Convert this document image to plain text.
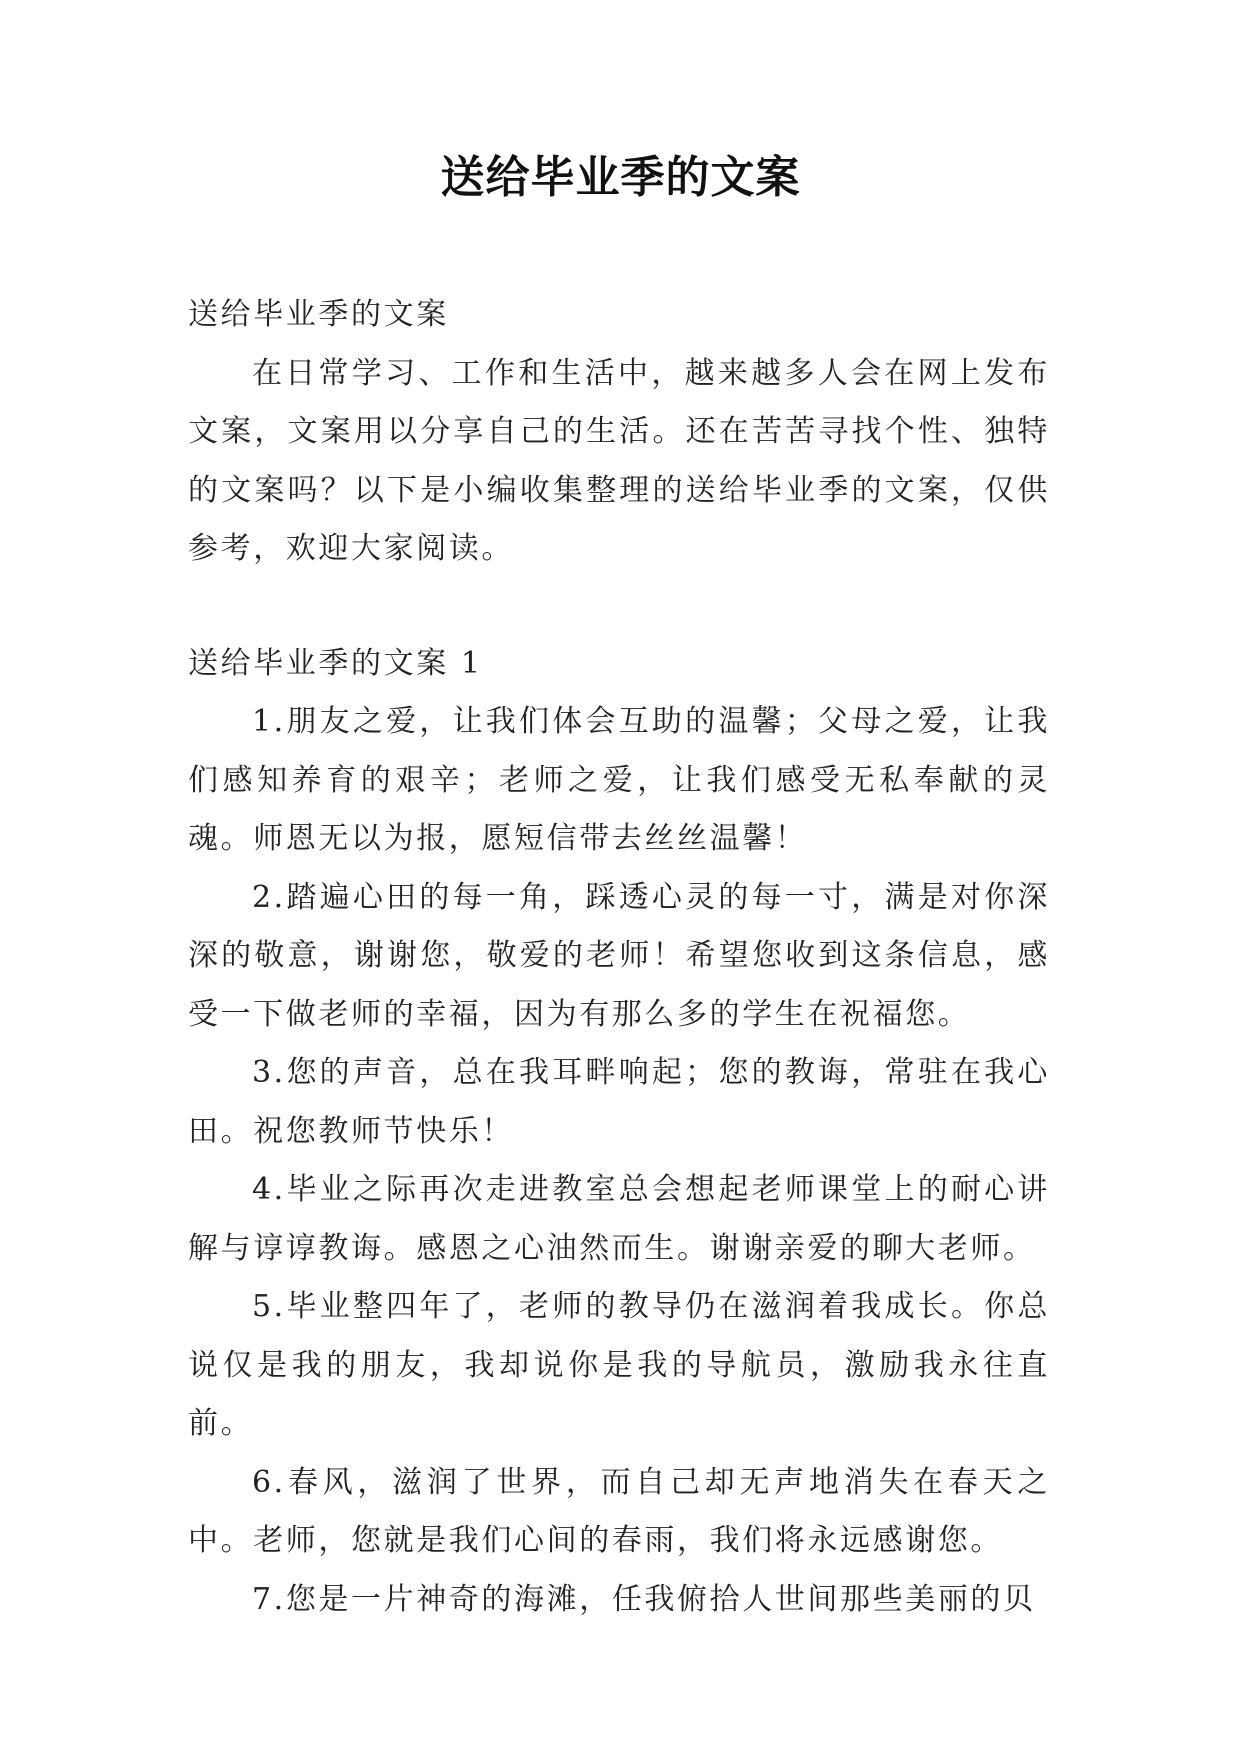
送给毕业季的文案

送给毕业季的文案

在日常学习、工作和生活中，越来越多人会在网上发布文案，文案用以分享自己的生活。还在苦苦寻找个性、独特的文案吗？以下是小编收集整理的送给毕业季的文案，仅供参考，欢迎大家阅读。

送给毕业季的文案 1

1.朋友之爱，让我们体会互助的温馨；父母之爱，让我们感知养育的艰辛；老师之爱，让我们感受无私奉献的灵魂。师恩无以为报，愿短信带去丝丝温馨！

2.踏遍心田的每一角，踩透心灵的每一寸，满是对你深深的敬意，谢谢您，敬爱的老师！希望您收到这条信息，感受一下做老师的幸福，因为有那么多的学生在祝福您。

3.您的声音，总在我耳畔响起；您的教诲，常驻在我心田。祝您教师节快乐！

4.毕业之际再次走进教室总会想起老师课堂上的耐心讲解与谆谆教诲。感恩之心油然而生。谢谢亲爱的聊大老师。

5.毕业整四年了，老师的教导仍在滋润着我成长。你总说仅是我的朋友，我却说你是我的导航员，激励我永往直前。

6.春风，滋润了世界，而自己却无声地消失在春天之中。老师，您就是我们心间的春雨，我们将永远感谢您。

7.您是一片神奇的海滩，任我俯拾人世间那些美丽的贝
